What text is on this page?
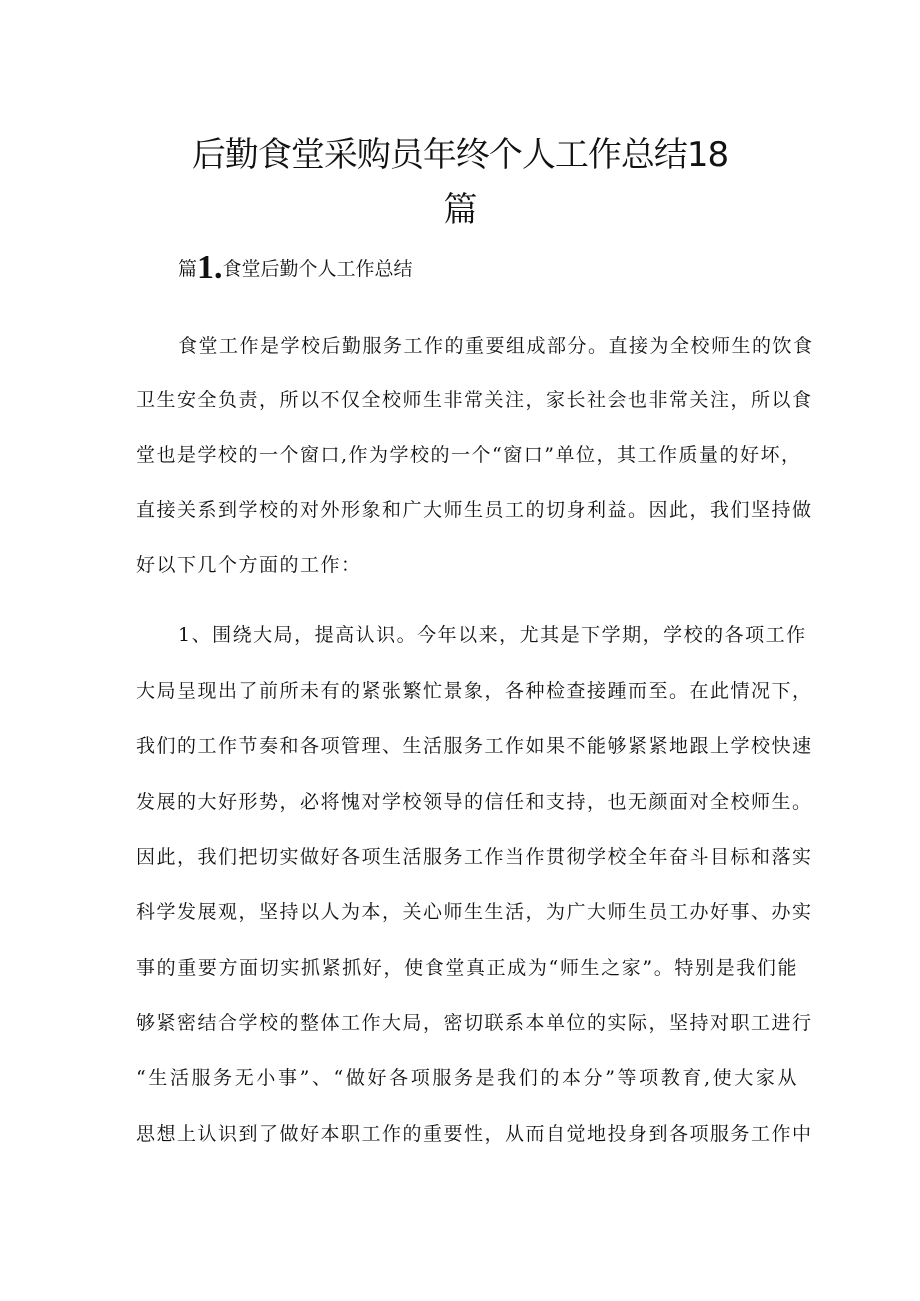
后勤食堂采购员年终个人工作总结18
篇
篇1.食堂后勤个人工作总结
食堂工作是学校后勤服务工作的重要组成部分。直接为全校师生的饮食
卫生安全负责，所以不仅全校师生非常关注，家长社会也非常关注，所以食
堂也是学校的一个窗口,作为学校的一个“窗口”单位，其工作质量的好坏，
直接关系到学校的对外形象和广大师生员工的切身利益。因此，我们坚持做
好以下几个方面的工作：
1、围绕大局，提高认识。今年以来，尤其是下学期，学校的各项工作
大局呈现出了前所未有的紧张繁忙景象，各种检查接踵而至。在此情况下，
我们的工作节奏和各项管理、生活服务工作如果不能够紧紧地跟上学校快速
发展的大好形势，必将愧对学校领导的信任和支持，也无颜面对全校师生。
因此，我们把切实做好各项生活服务工作当作贯彻学校全年奋斗目标和落实
科学发展观，坚持以人为本，关心师生生活，为广大师生员工办好事、办实
事的重要方面切实抓紧抓好，使食堂真正成为“师生之家”。特别是我们能
够紧密结合学校的整体工作大局，密切联系本单位的实际，坚持对职工进行
“生活服务无小事”、“做好各项服务是我们的本分”等项教育,使大家从
思想上认识到了做好本职工作的重要性，从而自觉地投身到各项服务工作中
